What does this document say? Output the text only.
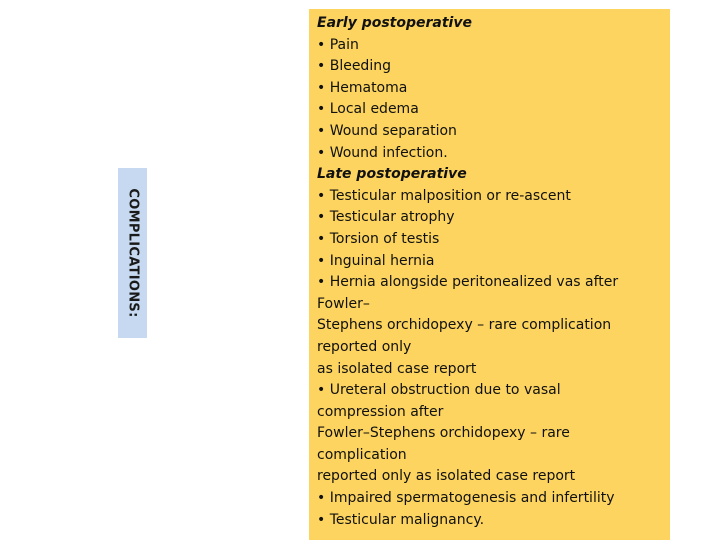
COMPLICATIONS:
Early postoperative
• Pain
• Bleeding
• Hematoma
• Local edema
• Wound separation
• Wound infection.
Late postoperative
• Testicular malposition or re-ascent
• Testicular atrophy
• Torsion of testis
• Inguinal hernia
• Hernia alongside peritonealized vas after
Fowler–
Stephens orchidopexy – rare complication
reported only
as isolated case report
• Ureteral obstruction due to vasal
compression after
Fowler–Stephens orchidopexy – rare
complication
reported only as isolated case report
• Impaired spermatogenesis and infertility
• Testicular malignancy.
